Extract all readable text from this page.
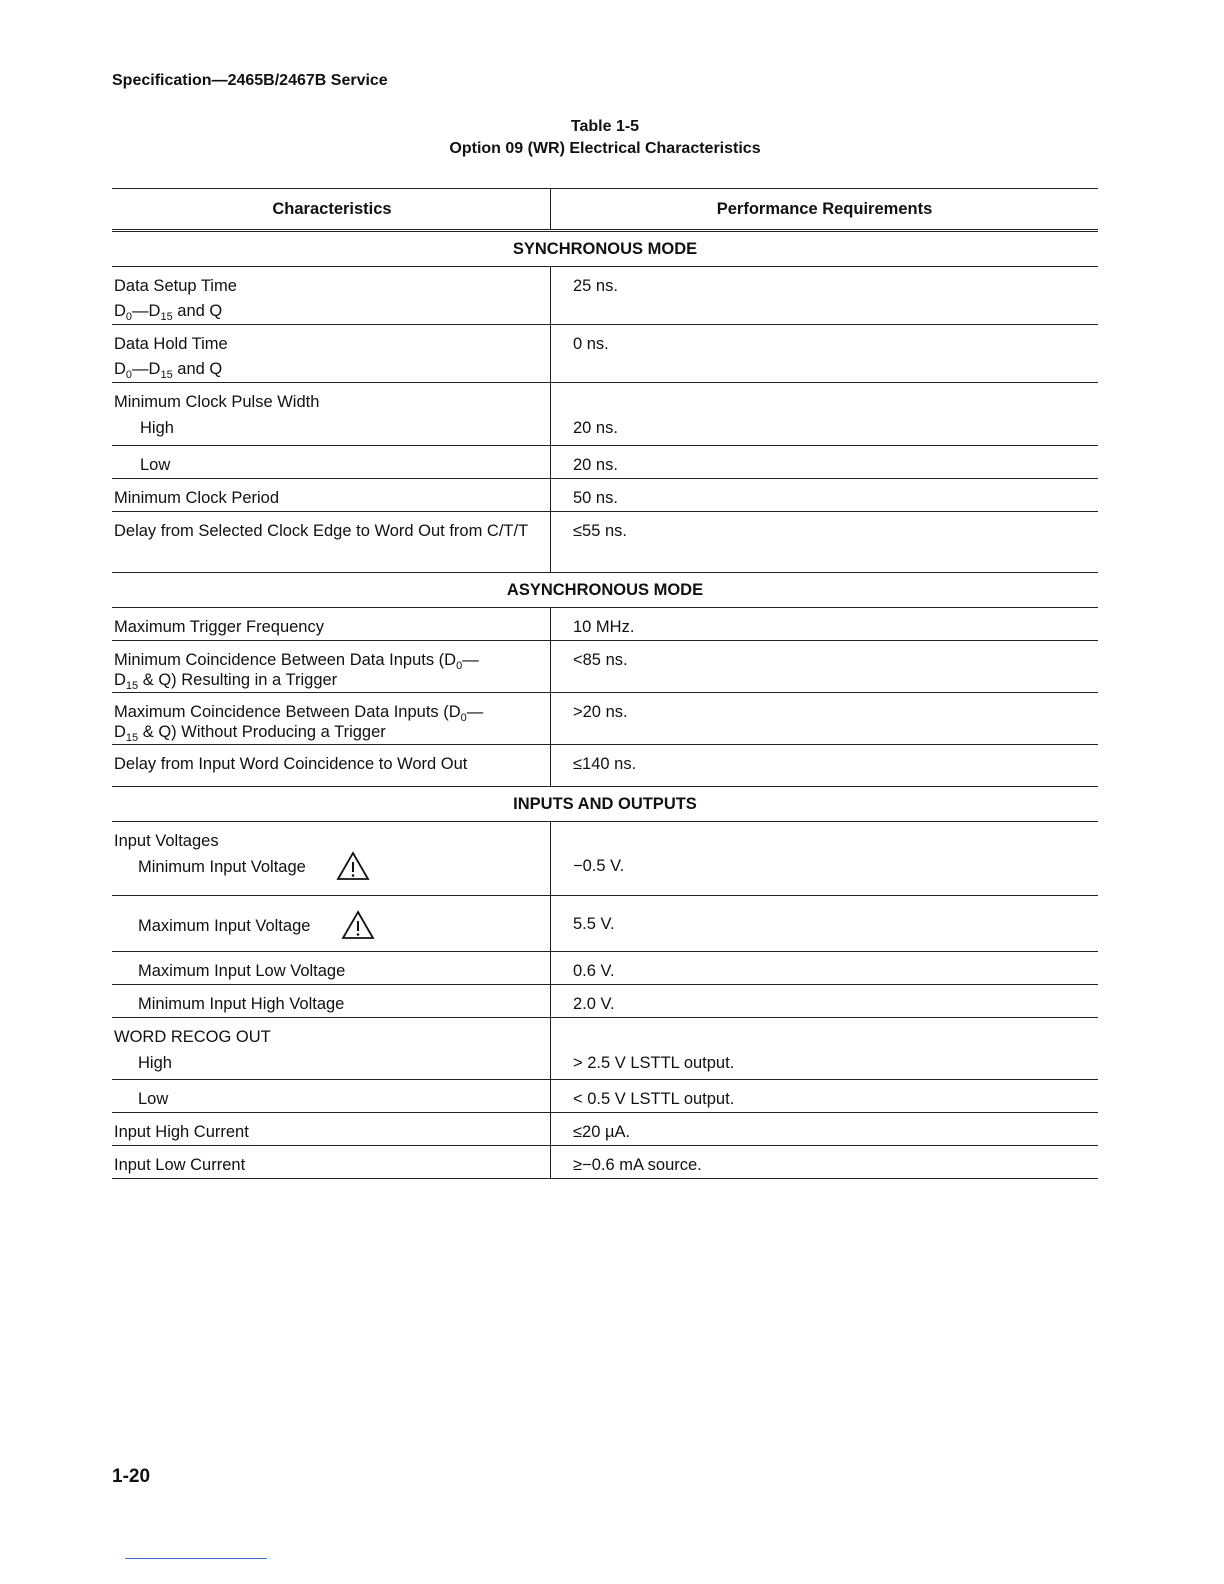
Specification—2465B/2467B Service
Table 1-5
Option 09 (WR) Electrical Characteristics
Characteristics	Performance Requirements
SYNCHRONOUS MODE	
Data Setup Time
$D_0—D_{15}$ and Q	25 ns.
Data Hold Time
$D_0—D_{15}$ and Q	0 ns.
Minimum Clock Pulse Width	
High	20 ns.
Low	20 ns.
Minimum Clock Period	50 ns.
Delay from Selected Clock Edge to Word Out from C/T/T	≤55 ns.
ASYNCHRONOUS MODE	
Maximum Trigger Frequency	10 MHz.
Minimum Coincidence Between Data Inputs ($D_0—$
$D_{15}$ & Q) Resulting in a Trigger	<85 ns.
Maximum Coincidence Between Data Inputs ($D_0—$
$D_{15}$ & Q) Without Producing a Trigger	>20 ns.
Delay from Input Word Coincidence to Word Out	≤140 ns.
INPUTS AND OUTPUTS	
Input Voltages
Minimum Input Voltage	−0.5 V.
Maximum Input Voltage	5.5 V.
Maximum Input Low Voltage	0.6 V.
Minimum Input High Voltage	2.0 V.
WORD RECOG OUT	
High	> 2.5 V LSTTL output.
Low	< 0.5 V LSTTL output.
Input High Current	≤20 µA.
Input Low Current	≥−0.6 mA source.
1-20
